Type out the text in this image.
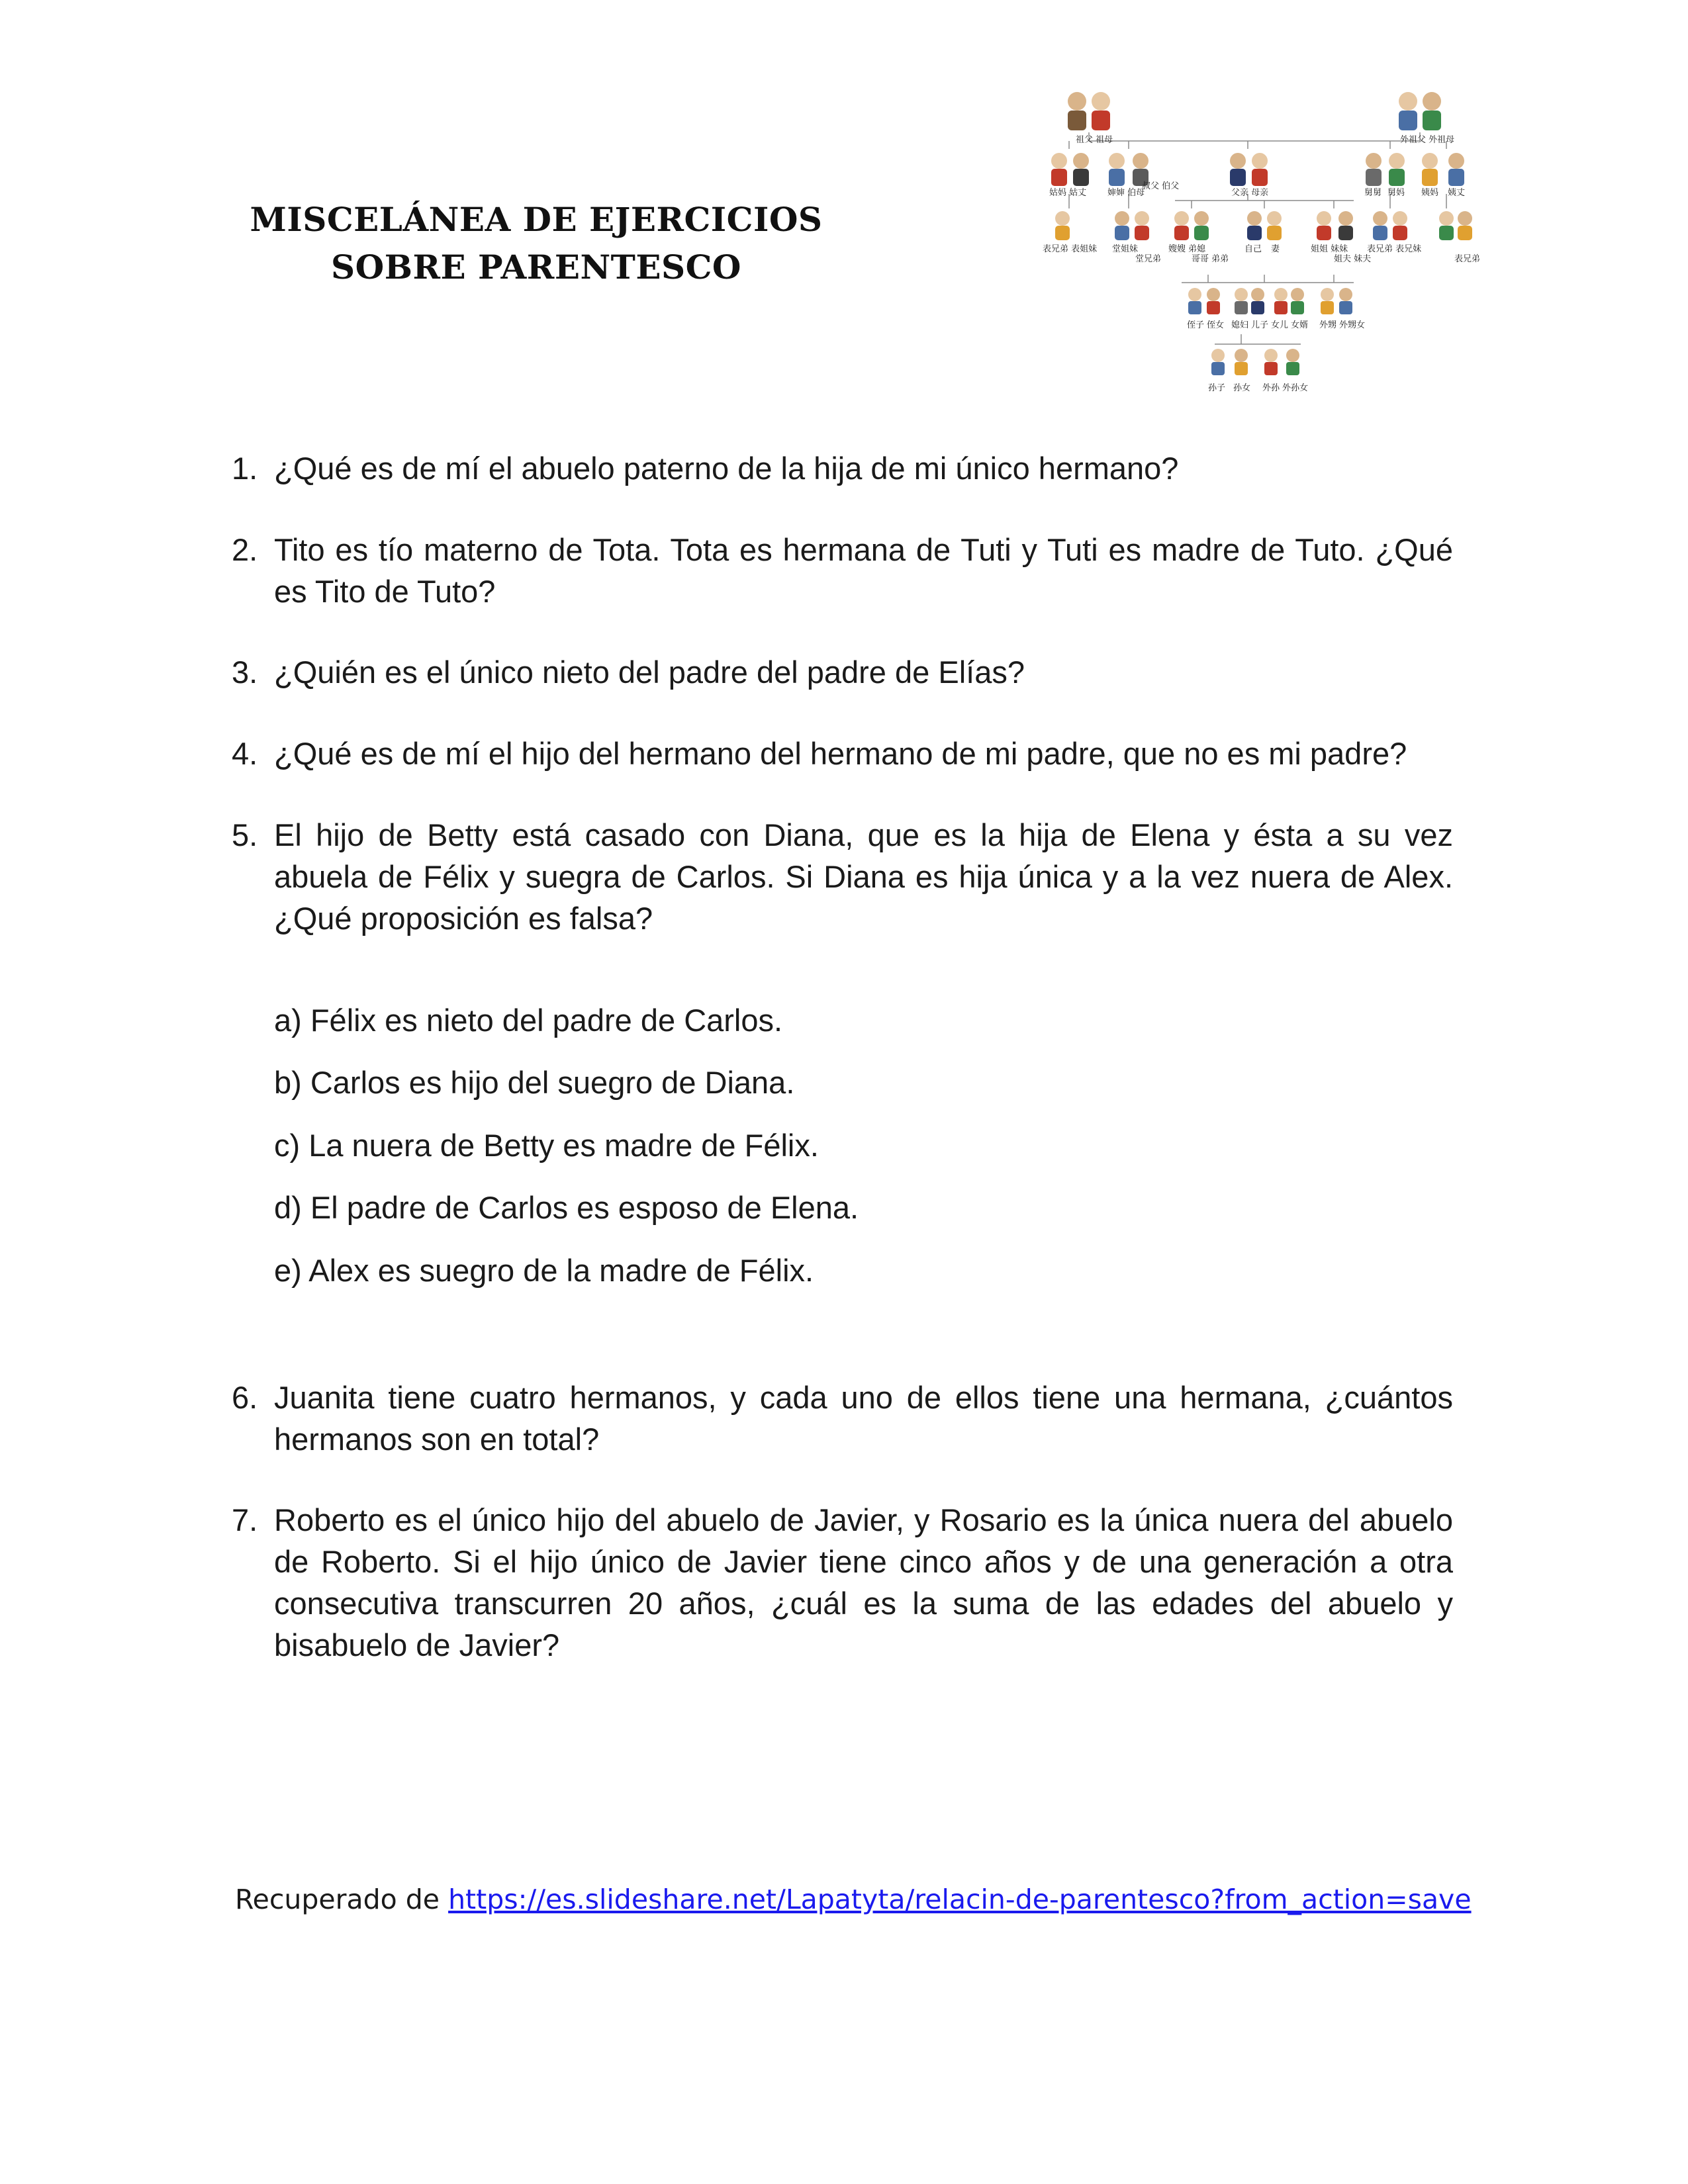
MISCELÁNEA DE EJERCICIOS
SOBRE PARENTESCO
祖父 祖母	外祖父 外祖母
姑妈 姑丈 婶婶 伯母
叔父 伯父
父亲 母亲	舅舅 舅妈 姨妈 姨丈
表兄弟 表姐妹 堂姐妹
堂兄弟
嫂嫂 弟媳
哥哥 弟弟
自己 妻	姐姐 妹妹
姐夫 妹夫
表兄弟 表兄妹
表兄弟
侄子 侄女 媳妇 儿子 女儿 女婿 外甥 外甥女
孙子 孙女 外孙 外孙女
1. ¿Qué es de mí el abuelo paterno de la hija de mi único hermano?
2. Tito es tío materno de Tota. Tota es hermana de Tuti y Tuti es madre de Tuto. ¿Qué es Tito de Tuto?
3. ¿Quién es el único nieto del padre del padre de Elías?
4. ¿Qué es de mí el hijo del hermano del hermano de mi padre, que no es mi padre?
5. El hijo de Betty está casado con Diana, que es la hija de Elena y ésta a su vez abuela de Félix y suegra de Carlos. Si Diana es hija única y a la vez nuera de Alex. ¿Qué proposición es falsa?
a) Félix es nieto del padre de Carlos.
b) Carlos es hijo del suegro de Diana.
c) La nuera de Betty es madre de Félix.
d) El padre de Carlos es esposo de Elena.
e) Alex es suegro de la madre de Félix.
6. Juanita tiene cuatro hermanos, y cada uno de ellos tiene una hermana, ¿cuántos hermanos son en total?
7. Roberto es el único hijo del abuelo de Javier, y Rosario es la única nuera del abuelo de Roberto. Si el hijo único de Javier tiene cinco años y de una generación a otra consecutiva transcurren 20 años, ¿cuál es la suma de las edades del abuelo y bisabuelo de Javier?
Recuperado de https://es.slideshare.net/Lapatyta/relacin-de-parentesco?from_action=save
